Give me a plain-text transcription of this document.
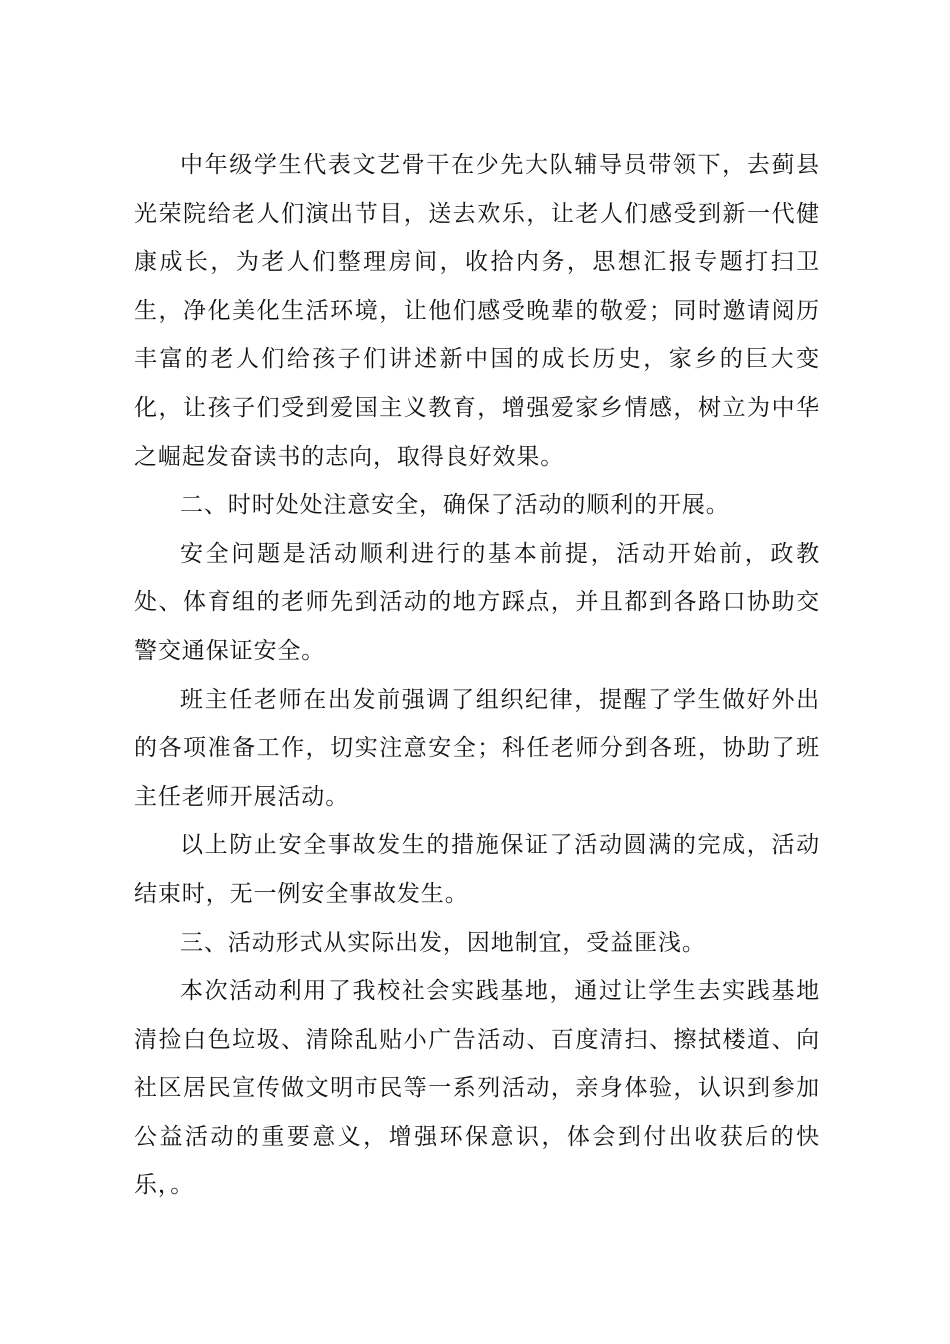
中年级学生代表文艺骨干在少先大队辅导员带领下，去蓟县光荣院给老人们演出节目，送去欢乐，让老人们感受到新一代健康成长，为老人们整理房间，收拾内务，思想汇报专题打扫卫生，净化美化生活环境，让他们感受晚辈的敬爱；同时邀请阅历丰富的老人们给孩子们讲述新中国的成长历史，家乡的巨大变化，让孩子们受到爱国主义教育，增强爱家乡情感，树立为中华之崛起发奋读书的志向，取得良好效果。

二、时时处处注意安全，确保了活动的顺利的开展。

安全问题是活动顺利进行的基本前提，活动开始前，政教处、体育组的老师先到活动的地方踩点，并且都到各路口协助交警交通保证安全。

班主任老师在出发前强调了组织纪律，提醒了学生做好外出的各项准备工作，切实注意安全；科任老师分到各班，协助了班主任老师开展活动。

以上防止安全事故发生的措施保证了活动圆满的完成，活动结束时，无一例安全事故发生。

三、活动形式从实际出发，因地制宜，受益匪浅。

本次活动利用了我校社会实践基地，通过让学生去实践基地清捡白色垃圾、清除乱贴小广告活动、百度清扫、擦拭楼道、向社区居民宣传做文明市民等一系列活动，亲身体验，认识到参加公益活动的重要意义，增强环保意识，体会到付出收获后的快乐，。
